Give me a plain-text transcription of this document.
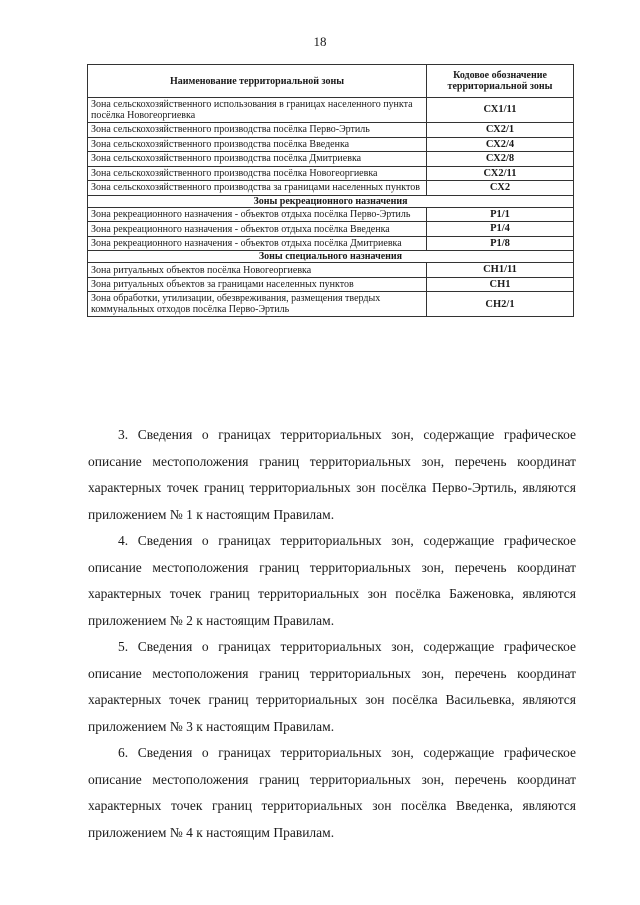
18
Наименование территориальной зоны	Кодовое обозначение территориальной зоны
Зона сельскохозяйственного использования в границах населенного пункта посёлка Новогеоргиевка	СХ1/11
Зона сельскохозяйственного производства посёлка Перво-Эртиль	СХ2/1
Зона сельскохозяйственного производства посёлка Введенка	СХ2/4
Зона сельскохозяйственного производства посёлка Дмитриевка	СХ2/8
Зона сельскохозяйственного производства посёлка Новогеоргиевка	СХ2/11
Зона сельскохозяйственного производства за границами населенных пунктов	СХ2
Зоны рекреационного назначения	
Зона рекреационного назначения - объектов отдыха посёлка Перво-Эртиль	Р1/1
Зона рекреационного назначения - объектов отдыха посёлка Введенка	Р1/4
Зона рекреационного назначения - объектов отдыха посёлка Дмитриевка	Р1/8
Зоны специального назначения	
Зона ритуальных объектов посёлка Новогеоргиевка	СН1/11
Зона ритуальных объектов за границами населенных пунктов	СН1
Зона обработки, утилизации, обезвреживания, размещения твердых коммунальных отходов посёлка Перво-Эртиль	СН2/1

3. Сведения о границах территориальных зон, содержащие графическое описание местоположения границ территориальных зон, перечень координат характерных точек границ территориальных зон посёлка Перво-Эртиль, являются приложением № 1 к настоящим Правилам.

4. Сведения о границах территориальных зон, содержащие графическое описание местоположения границ территориальных зон, перечень координат характерных точек границ территориальных зон посёлка Баженовка, являются приложением № 2 к настоящим Правилам.

5. Сведения о границах территориальных зон, содержащие графическое описание местоположения границ территориальных зон, перечень координат характерных точек границ территориальных зон посёлка Васильевка, являются приложением № 3 к настоящим Правилам.

6. Сведения о границах территориальных зон, содержащие графическое описание местоположения границ территориальных зон, перечень координат характерных точек границ территориальных зон посёлка Введенка, являются приложением № 4 к настоящим Правилам.
